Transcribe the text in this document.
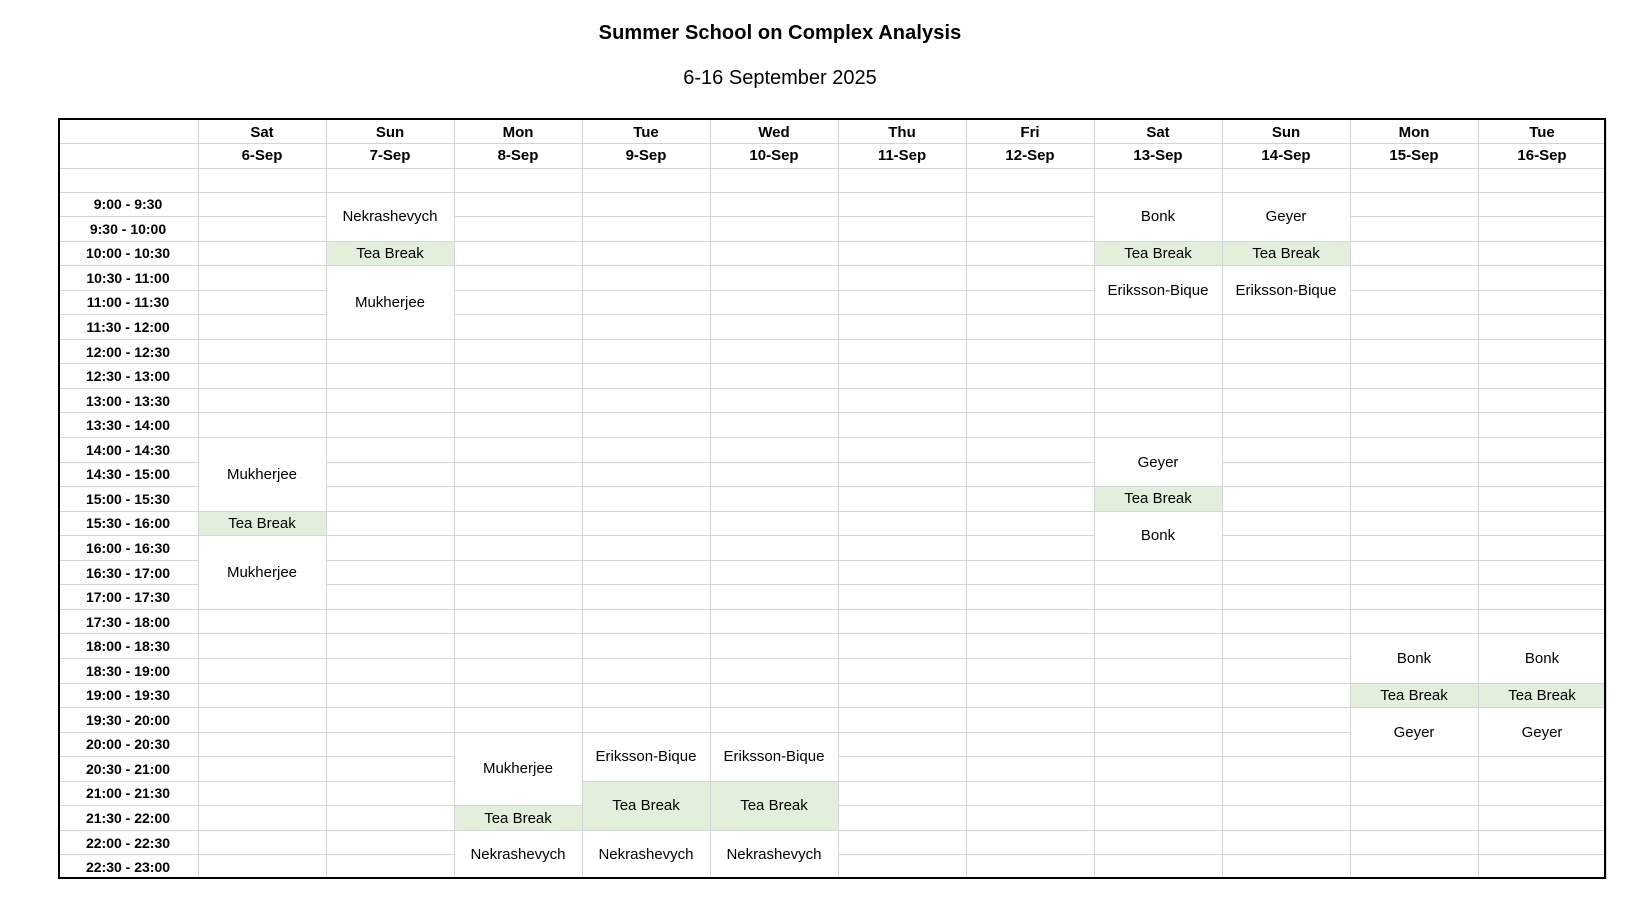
Summer School on Complex Analysis
6-16 September 2025
Sat
6-Sep
Sun
7-Sep
Mon
8-Sep
Tue
9-Sep
Wed
10-Sep
Thu
11-Sep
Fri
12-Sep
Sat
13-Sep
Sun
14-Sep
Mon
15-Sep
Tue
16-Sep
9:00 - 9:30
9:30 - 10:00
10:00 - 10:30
10:30 - 11:00
11:00 - 11:30
11:30 - 12:00
12:00 - 12:30
12:30 - 13:00
13:00 - 13:30
13:30 - 14:00
14:00 - 14:30
14:30 - 15:00
15:00 - 15:30
15:30 - 16:00
16:00 - 16:30
16:30 - 17:00
17:00 - 17:30
17:30 - 18:00
18:00 - 18:30
18:30 - 19:00
19:00 - 19:30
19:30 - 20:00
20:00 - 20:30
20:30 - 21:00
21:00 - 21:30
21:30 - 22:00
22:00 - 22:30
22:30 - 23:00
Nekrashevych
Tea Break
Mukherjee
Mukherjee
Tea Break
Mukherjee
Bonk
Tea Break
Eriksson-Bique
Geyer
Tea Break
Eriksson-Bique
Geyer
Tea Break
Bonk
Bonk
Tea Break
Geyer
Bonk
Tea Break
Geyer
Mukherjee
Tea Break
Nekrashevych
Eriksson-Bique
Tea Break
Nekrashevych
Eriksson-Bique
Tea Break
Nekrashevych
